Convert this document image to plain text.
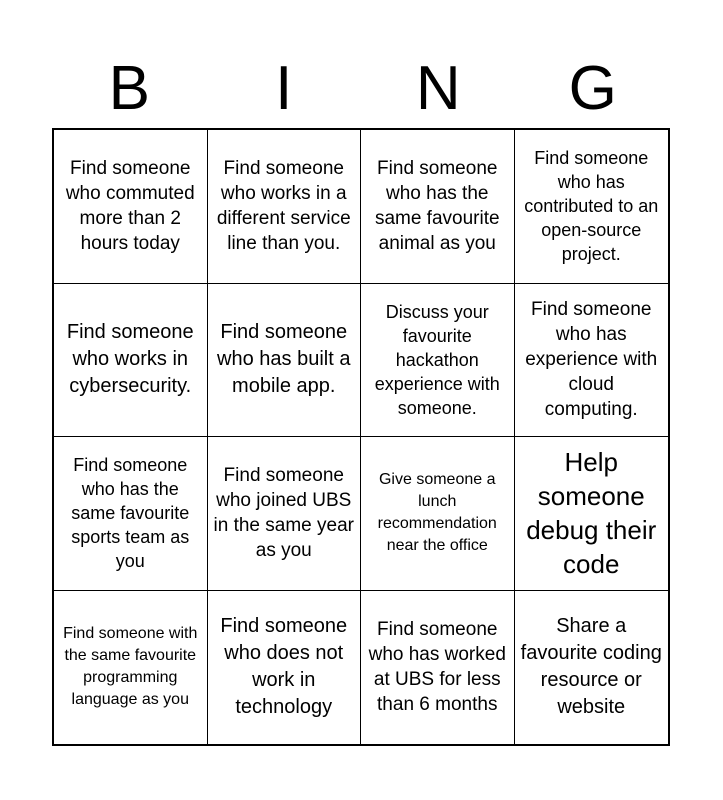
B	I	N	G
Find someone who commuted more than 2 hours today
Find someone who works in a different service line than you.
Find someone who has the same favourite animal as you
Find someone who has contributed to an open-source project.
Find someone who works in cybersecurity.
Find someone who has built a mobile app.
Discuss your favourite hackathon experience with someone.
Find someone who has experience with cloud computing.
Find someone who has the same favourite sports team as you
Find someone who joined UBS in the same year as you
Give someone a lunch recommendation near the office
Help someone debug their code
Find someone with the same favourite programming language as you
Find someone who does not work in technology
Find someone who has worked at UBS for less than 6 months
Share a favourite coding resource or website
